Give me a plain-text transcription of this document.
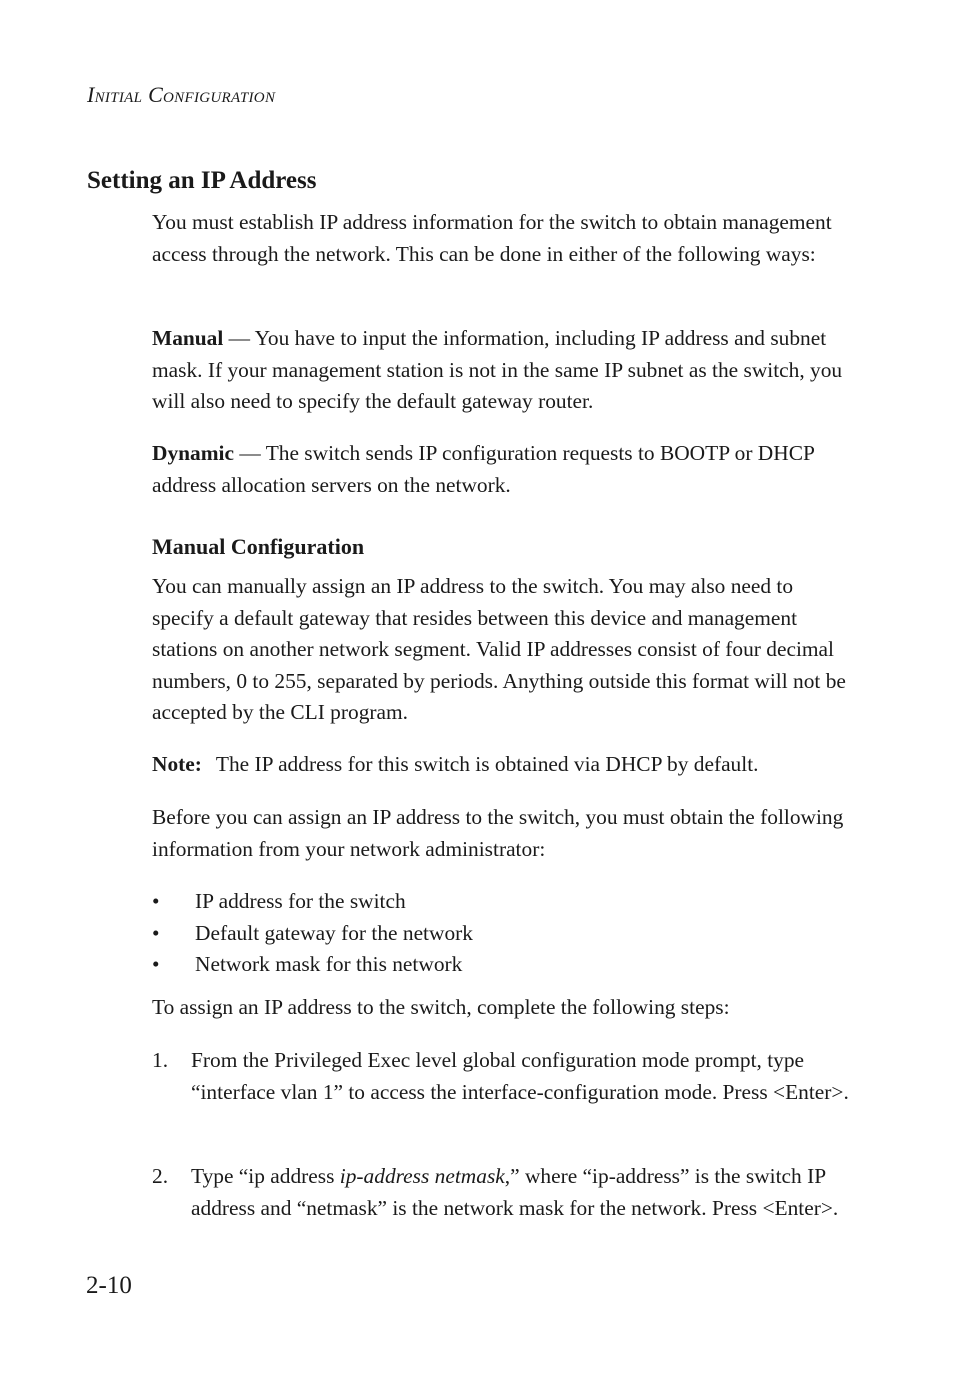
Initial Configuration
Setting an IP Address

You must establish IP address information for the switch to obtain management access through the network. This can be done in either of the following ways:

Manual — You have to input the information, including IP address and subnet mask. If your management station is not in the same IP subnet as the switch, you will also need to specify the default gateway router.

Dynamic — The switch sends IP configuration requests to BOOTP or DHCP address allocation servers on the network.

Manual Configuration

You can manually assign an IP address to the switch. You may also need to specify a default gateway that resides between this device and management stations on another network segment. Valid IP addresses consist of four decimal numbers, 0 to 255, separated by periods. Anything outside this format will not be accepted by the CLI program.

Note: The IP address for this switch is obtained via DHCP by default.

Before you can assign an IP address to the switch, you must obtain the following information from your network administrator:

• IP address for the switch
• Default gateway for the network
• Network mask for this network

To assign an IP address to the switch, complete the following steps:

1. From the Privileged Exec level global configuration mode prompt, type “interface vlan 1” to access the interface-configuration mode. Press <Enter>.
2. Type “ip address ip-address netmask,” where “ip-address” is the switch IP address and “netmask” is the network mask for the network. Press <Enter>.
2-10
